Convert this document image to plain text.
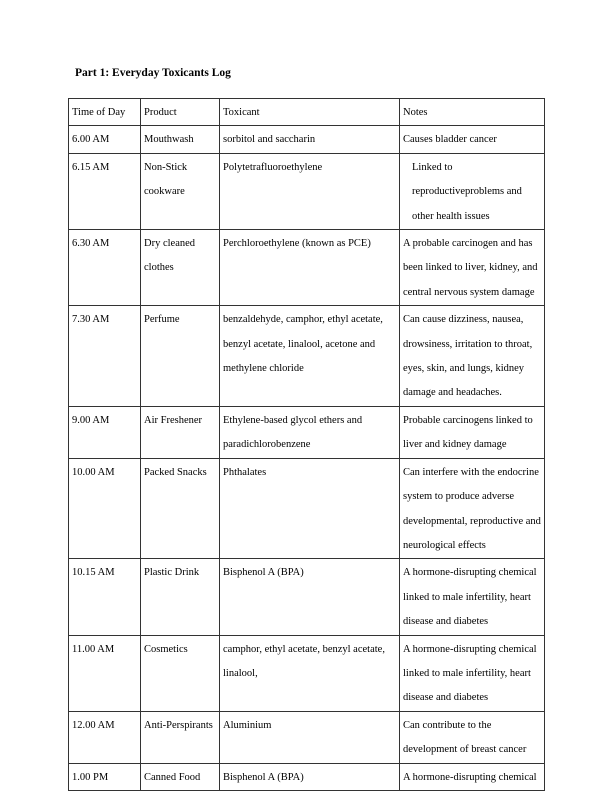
Part 1: Everyday Toxicants Log

Time of Day	Product	Toxicant	Notes
6.00 AM	Mouthwash	sorbitol and saccharin	Causes bladder cancer
6.15 AM	Non-Stick cookware	Polytetrafluoroethylene	Linked to reproductiveproblems and other health issues
6.30 AM	Dry cleaned clothes	Perchloroethylene (known as PCE)	A probable carcinogen and has been linked to liver, kidney, and central nervous system damage
7.30 AM	Perfume	benzaldehyde, camphor, ethyl acetate, benzyl acetate, linalool, acetone and methylene chloride	Can cause dizziness, nausea, drowsiness, irritation to throat, eyes, skin, and lungs, kidney damage and headaches.
9.00 AM	Air Freshener	Ethylene-based glycol ethers and paradichlorobenzene	Probable carcinogens linked to liver and kidney damage
10.00 AM	Packed Snacks	Phthalates	Can interfere with the endocrine system to produce adverse developmental, reproductive and neurological effects
10.15 AM	Plastic Drink	Bisphenol A (BPA)	A hormone-disrupting chemical linked to male infertility, heart disease and diabetes
11.00 AM	Cosmetics	camphor, ethyl acetate, benzyl acetate, linalool,	A hormone-disrupting chemical linked to male infertility, heart disease and diabetes
12.00 AM	Anti-Perspirants	Aluminium	Can contribute to the development of breast cancer
1.00 PM	Canned Food	Bisphenol A (BPA)	A hormone-disrupting chemical
